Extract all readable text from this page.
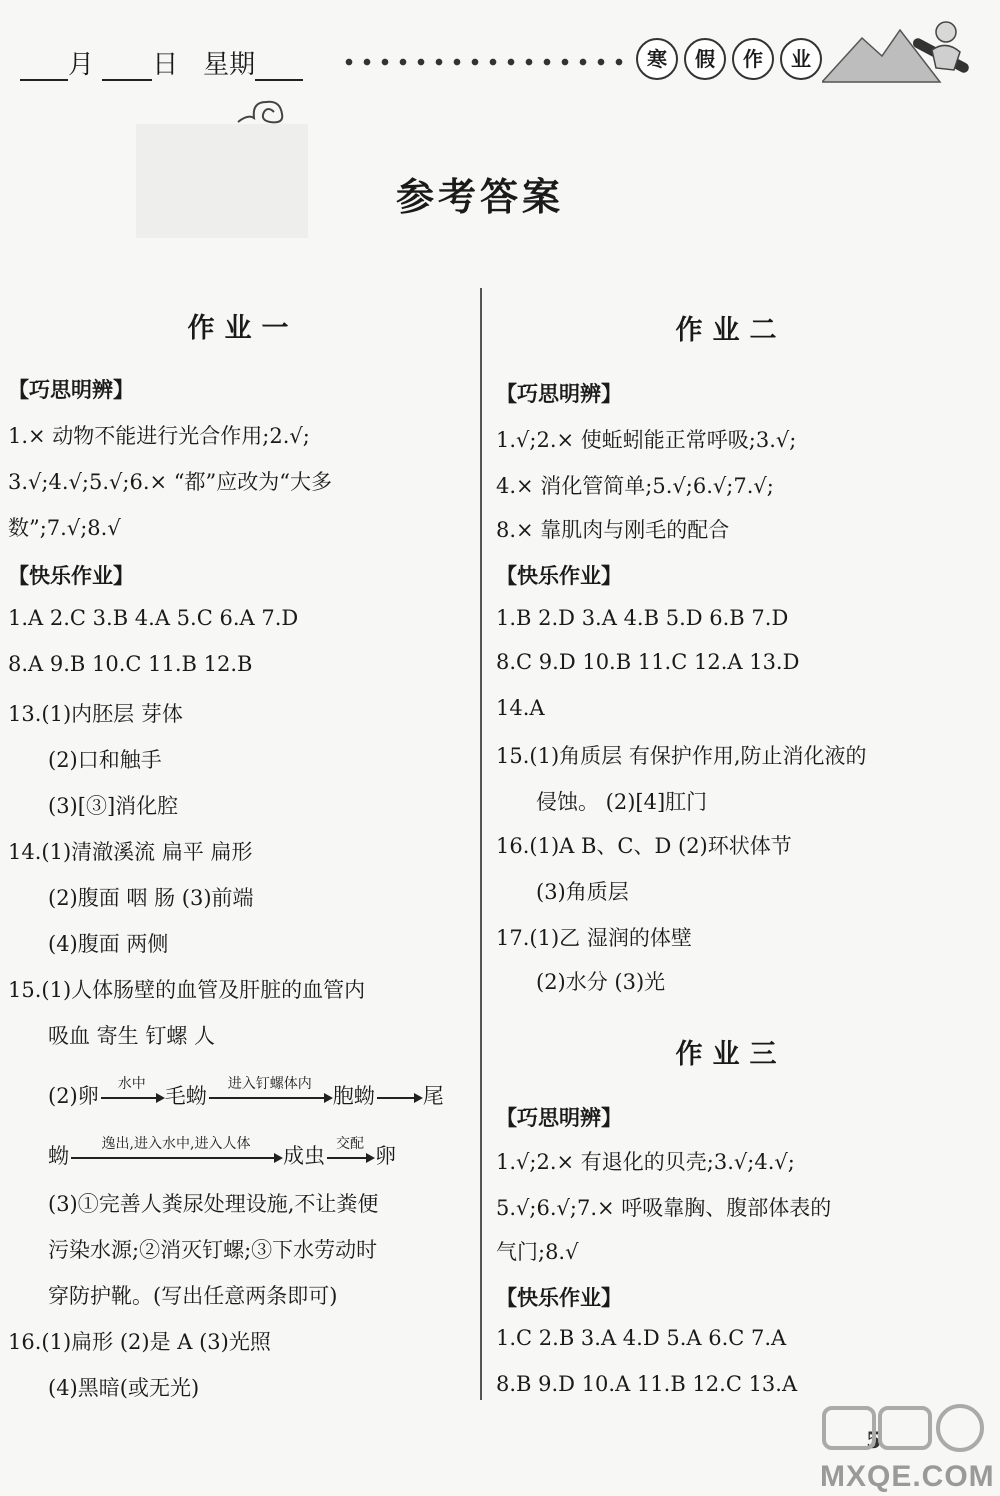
月 日 星期	寒	假	作	业
参考答案
作业一
【巧思明辨】
1.× 动物不能进行光合作用;2.√;
3.√;4.√;5.√;6.× “都”应改为“大多
数”;7.√;8.√
【快乐作业】
1.A 2.C 3.B 4.A 5.C 6.A 7.D
8.A 9.B 10.C 11.B 12.B
13.(1)内胚层 芽体
(2)口和触手
(3)[③]消化腔
14.(1)清澈溪流 扁平 扁形
(2)腹面 咽 肠 (3)前端
(4)腹面 两侧
15.(1)人体肠壁的血管及肝脏的血管内
吸血 寄生 钉螺 人
(2)卵
水中
毛蚴
进入钉螺体内
胞蚴 尾
蚴
逸出,进入水中,进入人体
成虫
交配
卵
(3)①完善人粪尿处理设施,不让粪便
污染水源;②消灭钉螺;③下水劳动时
穿防护靴。(写出任意两条即可)
16.(1)扁形 (2)是 A (3)光照
(4)黑暗(或无光)
作业二
【巧思明辨】
1.√;2.× 使蚯蚓能正常呼吸;3.√;
4.× 消化管简单;5.√;6.√;7.√;
8.× 靠肌肉与刚毛的配合
【快乐作业】
1.B 2.D 3.A 4.B 5.D 6.B 7.D
8.C 9.D 10.B 11.C 12.A 13.D
14.A
15.(1)角质层 有保护作用,防止消化液的
侵蚀。 (2)[4]肛门
16.(1)A B、C、D (2)环状体节
(3)角质层
17.(1)乙 湿润的体壁
(2)水分 (3)光
作业三
【巧思明辨】
1.√;2.× 有退化的贝壳;3.√;4.√;
5.√;6.√;7.× 呼吸靠胸、腹部体表的
气门;8.√
【快乐作业】
1.C 2.B 3.A 4.D 5.A 6.C 7.A
8.B 9.D 10.A 11.B 12.C 13.A
5
MXQE.COM
